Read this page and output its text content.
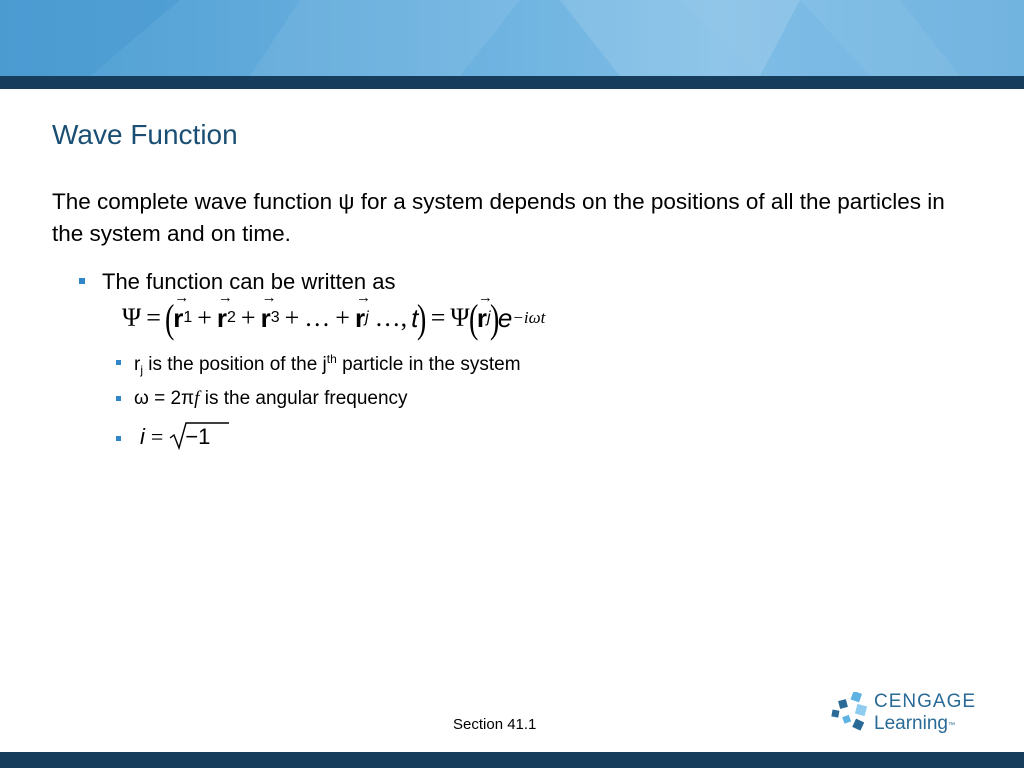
Wave Function
The complete wave function ψ for a system depends on the positions of all the particles in the system and on time.
The function can be written as
Ψ = (
→ r 1 + → r 2 + → r 3 + … + → r j …, t
) = Ψ
(
→ r j
)
e −iωt
$r_j$ is the position of the $j^{th}$ particle in the system
ω = 2πf is the angular frequency
i =	−1
Section 41.1
CENGAGE
Learning™
